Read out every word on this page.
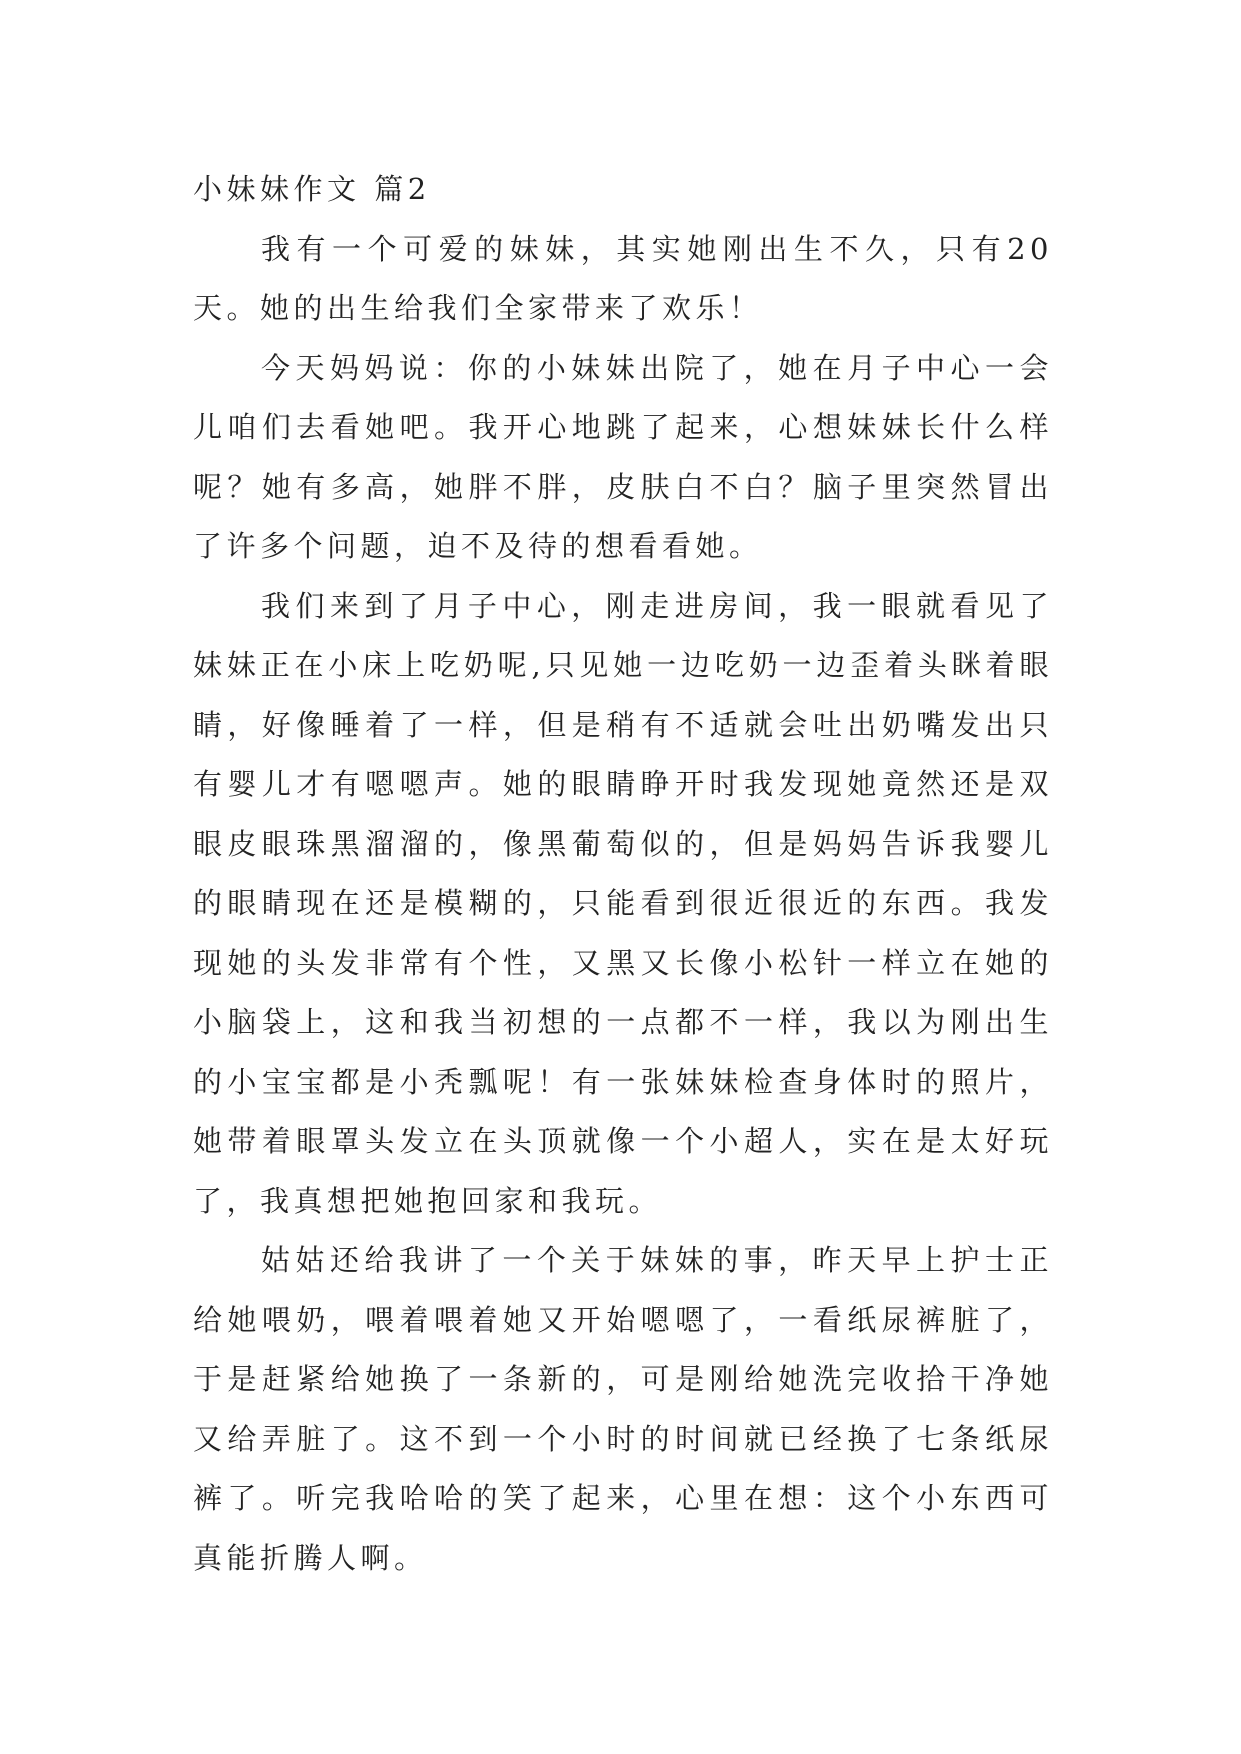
小妹妹作文 篇2

我有一个可爱的妹妹，其实她刚出生不久，只有20天。她的出生给我们全家带来了欢乐！

今天妈妈说：你的小妹妹出院了，她在月子中心一会儿咱们去看她吧。我开心地跳了起来，心想妹妹长什么样呢？她有多高，她胖不胖，皮肤白不白？脑子里突然冒出了许多个问题，迫不及待的想看看她。

我们来到了月子中心，刚走进房间，我一眼就看见了妹妹正在小床上吃奶呢,只见她一边吃奶一边歪着头眯着眼睛，好像睡着了一样，但是稍有不适就会吐出奶嘴发出只有婴儿才有嗯嗯声。她的眼睛睁开时我发现她竟然还是双眼皮眼珠黑溜溜的，像黑葡萄似的，但是妈妈告诉我婴儿的眼睛现在还是模糊的，只能看到很近很近的东西。我发现她的头发非常有个性，又黑又长像小松针一样立在她的小脑袋上，这和我当初想的一点都不一样，我以为刚出生的小宝宝都是小秃瓢呢！有一张妹妹检查身体时的照片，她带着眼罩头发立在头顶就像一个小超人，实在是太好玩了，我真想把她抱回家和我玩。

姑姑还给我讲了一个关于妹妹的事，昨天早上护士正给她喂奶，喂着喂着她又开始嗯嗯了，一看纸尿裤脏了，于是赶紧给她换了一条新的，可是刚给她洗完收拾干净她又给弄脏了。这不到一个小时的时间就已经换了七条纸尿裤了。听完我哈哈的笑了起来，心里在想：这个小东西可真能折腾人啊。
